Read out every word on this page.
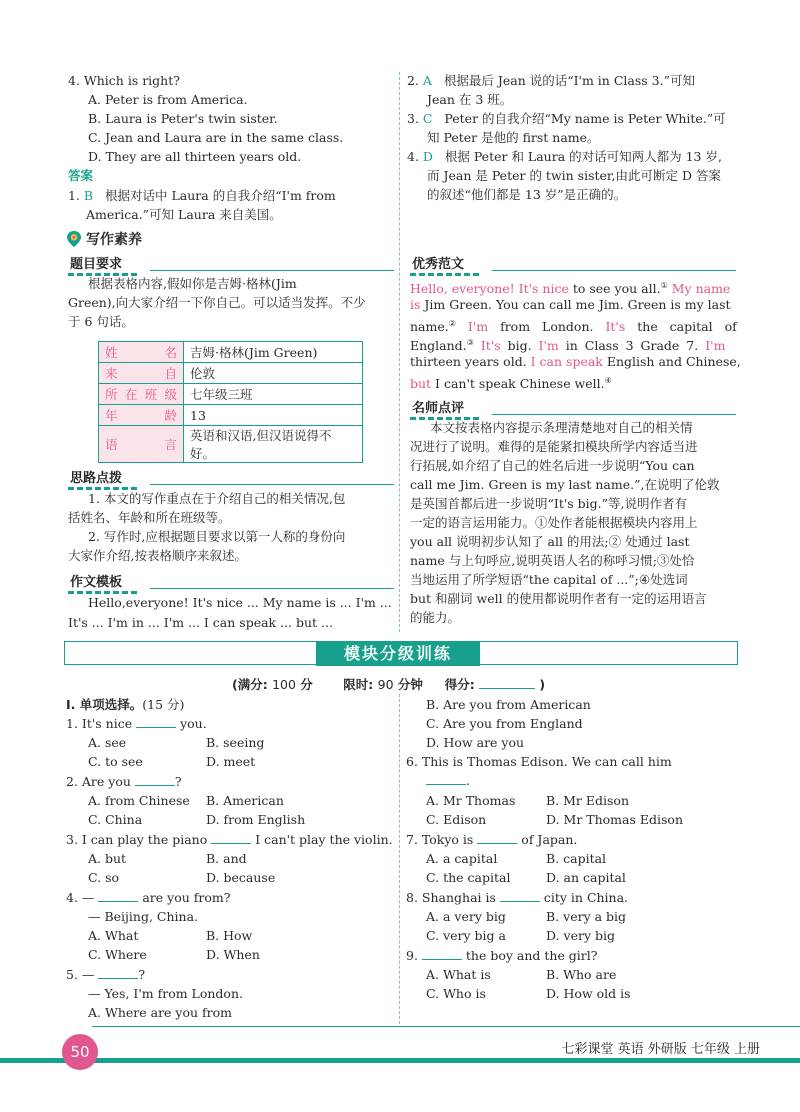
4. Which is right?
A. Peter is from America.
B. Laura is Peter's twin sister.
C. Jean and Laura are in the same class.
D. They are all thirteen years old.
答案
1. B 根据对话中 Laura 的自我介绍“I'm from
America.”可知 Laura 来自美国。
2. A 根据最后 Jean 说的话“I'm in Class 3.”可知
Jean 在 3 班。
3. C Peter 的自我介绍“My name is Peter White.”可
知 Peter 是他的 first name。
4. D 根据 Peter 和 Laura 的对话可知两人都为 13 岁,
而 Jean 是 Peter 的 twin sister,由此可断定 D 答案
的叙述“他们都是 13 岁”是正确的。
写作素养
题目要求
根据表格内容,假如你是吉姆·格林(Jim
Green),向大家介绍一下你自己。可以适当发挥。不少
于 6 句话。
姓名	吉姆·格林(Jim Green)
来自	伦敦
所在班级	七年级三班
年龄	13
语言	英语和汉语,但汉语说得不好。
思路点拨
1. 本文的写作重点在于介绍自己的相关情况,包
括姓名、年龄和所在班级等。
2. 写作时,应根据题目要求以第一人称的身份向
大家作介绍,按表格顺序来叙述。
作文模板
Hello,everyone! It's nice ... My name is ... I'm ...
It's ... I'm in ... I'm ... I can speak ... but ...
优秀范文
Hello, everyone! It's nice to see you all.① My name
is Jim Green. You can call me Jim. Green is my last
name.② I'm from London. It's the capital of
England.③ It's big. I'm in Class 3 Grade 7. I'm
thirteen years old. I can speak English and Chinese,
but I can't speak Chinese well.④
名师点评
本文按表格内容提示条理清楚地对自己的相关情
况进行了说明。难得的是能紧扣模块所学内容适当进
行拓展,如介绍了自己的姓名后进一步说明“You can
call me Jim. Green is my last name.”,在说明了伦敦
是英国首都后进一步说明“It's big.”等,说明作者有
一定的语言运用能力。①处作者能根据模块内容用上
you all 说明初步认知了 all 的用法;② 处通过 last
name 与上句呼应,说明英语人名的称呼习惯;③处恰
当地运用了所学短语“the capital of ...”;④处选词
but 和副词 well 的使用都说明作者有一定的运用语言
的能力。
模块分级训练
(满分: 100 分 限时: 90 分钟 得分:	)
Ⅰ. 单项选择。(15 分)
1. It's nice	you.
A. see	B. seeing
C. to see	D. meet
2. Are you	?
A. from Chinese B. American
C. China	D. from English
3. I can play the piano	I can't play the violin.
A. but	B. and
C. so	D. because
4. —	are you from?
— Beijing, China.
A. What	B. How
C. Where	D. When
5. —	?
— Yes, I'm from London.
A. Where are you from
B. Are you from American
C. Are you from England
D. How are you
6. This is Thomas Edison. We can call him
.
A. Mr Thomas B. Mr Edison
C. Edison	D. Mr Thomas Edison
7. Tokyo is	of Japan.
A. a capital	B. capital
C. the capital	D. an capital
8. Shanghai is	city in China.
A. a very big	B. very a big
C. very big a	D. very big
9.	the boy and the girl?
A. What is	B. Who are
C. Who is	D. How old is
50	七彩课堂 英语 外研版 七年级 上册
